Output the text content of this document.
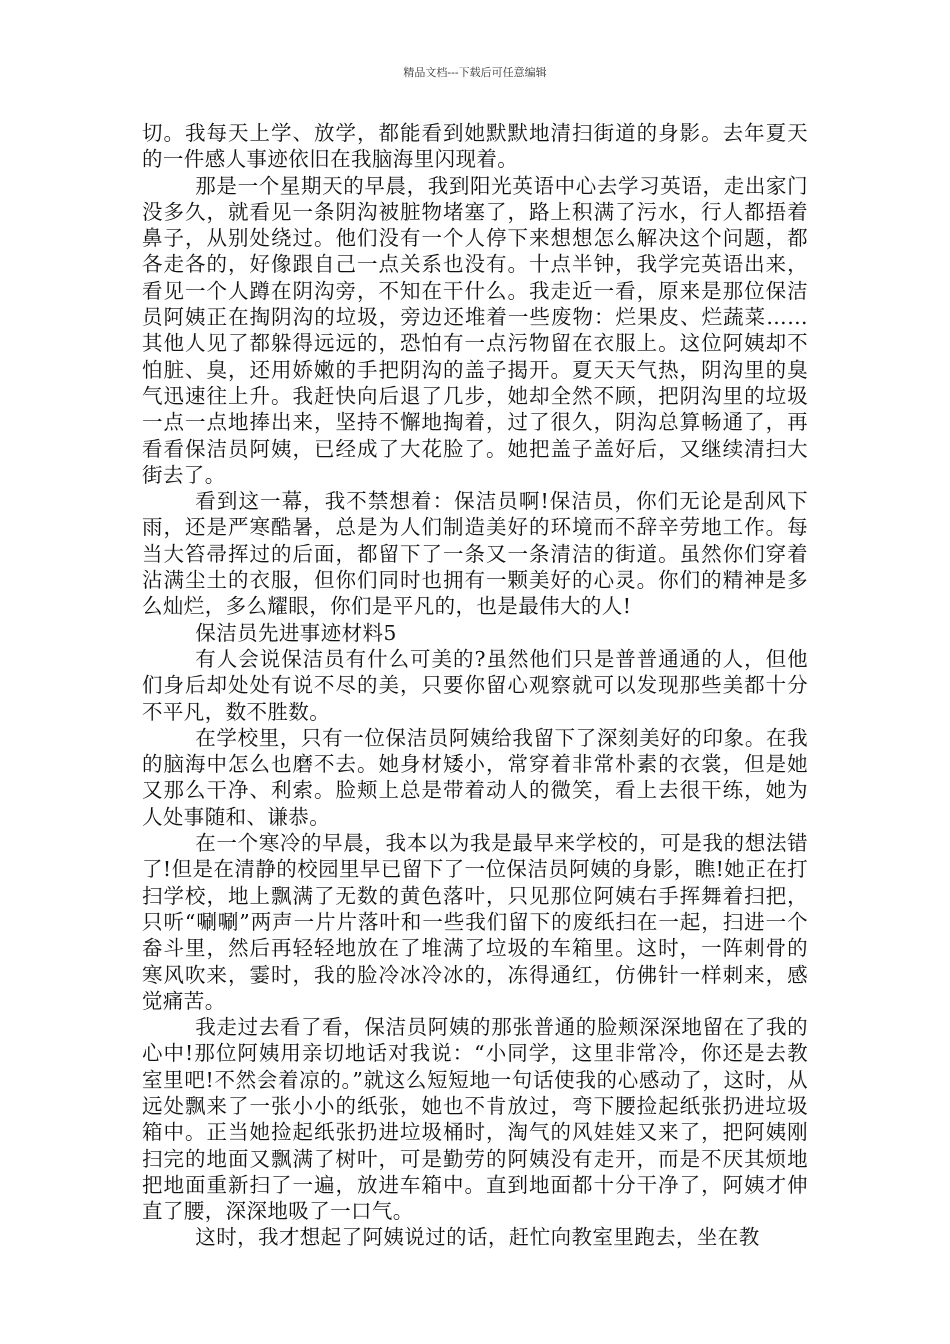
精品文档---下载后可任意编辑

切。我每天上学、放学，都能看到她默默地清扫街道的身影。去年夏天的一件感人事迹依旧在我脑海里闪现着。

那是一个星期天的早晨，我到阳光英语中心去学习英语，走出家门没多久，就看见一条阴沟被脏物堵塞了，路上积满了污水，行人都捂着鼻子，从别处绕过。他们没有一个人停下来想想怎么解决这个问题，都各走各的，好像跟自己一点关系也没有。十点半钟，我学完英语出来，看见一个人蹲在阴沟旁，不知在干什么。我走近一看，原来是那位保洁员阿姨正在掏阴沟的垃圾，旁边还堆着一些废物：烂果皮、烂蔬菜……其他人见了都躲得远远的，恐怕有一点污物留在衣服上。这位阿姨却不怕脏、臭，还用娇嫩的手把阴沟的盖子揭开。夏天天气热，阴沟里的臭气迅速往上升。我赶快向后退了几步，她却全然不顾，把阴沟里的垃圾一点一点地捧出来，坚持不懈地掏着，过了很久，阴沟总算畅通了，再看看保洁员阿姨，已经成了大花脸了。她把盖子盖好后，又继续清扫大街去了。

看到这一幕，我不禁想着：保洁员啊!保洁员，你们无论是刮风下雨，还是严寒酷暑，总是为人们制造美好的环境而不辞辛劳地工作。每当大笞帚挥过的后面，都留下了一条又一条清洁的街道。虽然你们穿着沾满尘土的衣服，但你们同时也拥有一颗美好的心灵。你们的精神是多么灿烂，多么耀眼，你们是平凡的，也是最伟大的人!

保洁员先进事迹材料5

有人会说保洁员有什么可美的?虽然他们只是普普通通的人，但他们身后却处处有说不尽的美，只要你留心观察就可以发现那些美都十分不平凡，数不胜数。

在学校里，只有一位保洁员阿姨给我留下了深刻美好的印象。在我的脑海中怎么也磨不去。她身材矮小，常穿着非常朴素的衣裳，但是她又那么干净、利索。脸颊上总是带着动人的微笑，看上去很干练，她为人处事随和、谦恭。

在一个寒冷的早晨，我本以为我是最早来学校的，可是我的想法错了!但是在清静的校园里早已留下了一位保洁员阿姨的身影，瞧!她正在打扫学校，地上飘满了无数的黄色落叶，只见那位阿姨右手挥舞着扫把，只听“唰唰”两声一片片落叶和一些我们留下的废纸扫在一起，扫进一个畚斗里，然后再轻轻地放在了堆满了垃圾的车箱里。这时，一阵刺骨的寒风吹来，霎时，我的脸冷冰冷冰的，冻得通红，仿佛针一样刺来，感觉痛苦。

我走过去看了看，保洁员阿姨的那张普通的脸颊深深地留在了我的心中!那位阿姨用亲切地话对我说：“小同学，这里非常冷，你还是去教室里吧!不然会着凉的。”就这么短短地一句话使我的心感动了，这时，从远处飘来了一张小小的纸张，她也不肯放过，弯下腰捡起纸张扔进垃圾箱中。正当她捡起纸张扔进垃圾桶时，淘气的风娃娃又来了，把阿姨刚扫完的地面又飘满了树叶，可是勤劳的阿姨没有走开，而是不厌其烦地把地面重新扫了一遍，放进车箱中。直到地面都十分干净了，阿姨才伸直了腰，深深地吸了一口气。

这时，我才想起了阿姨说过的话，赶忙向教室里跑去，坐在教
